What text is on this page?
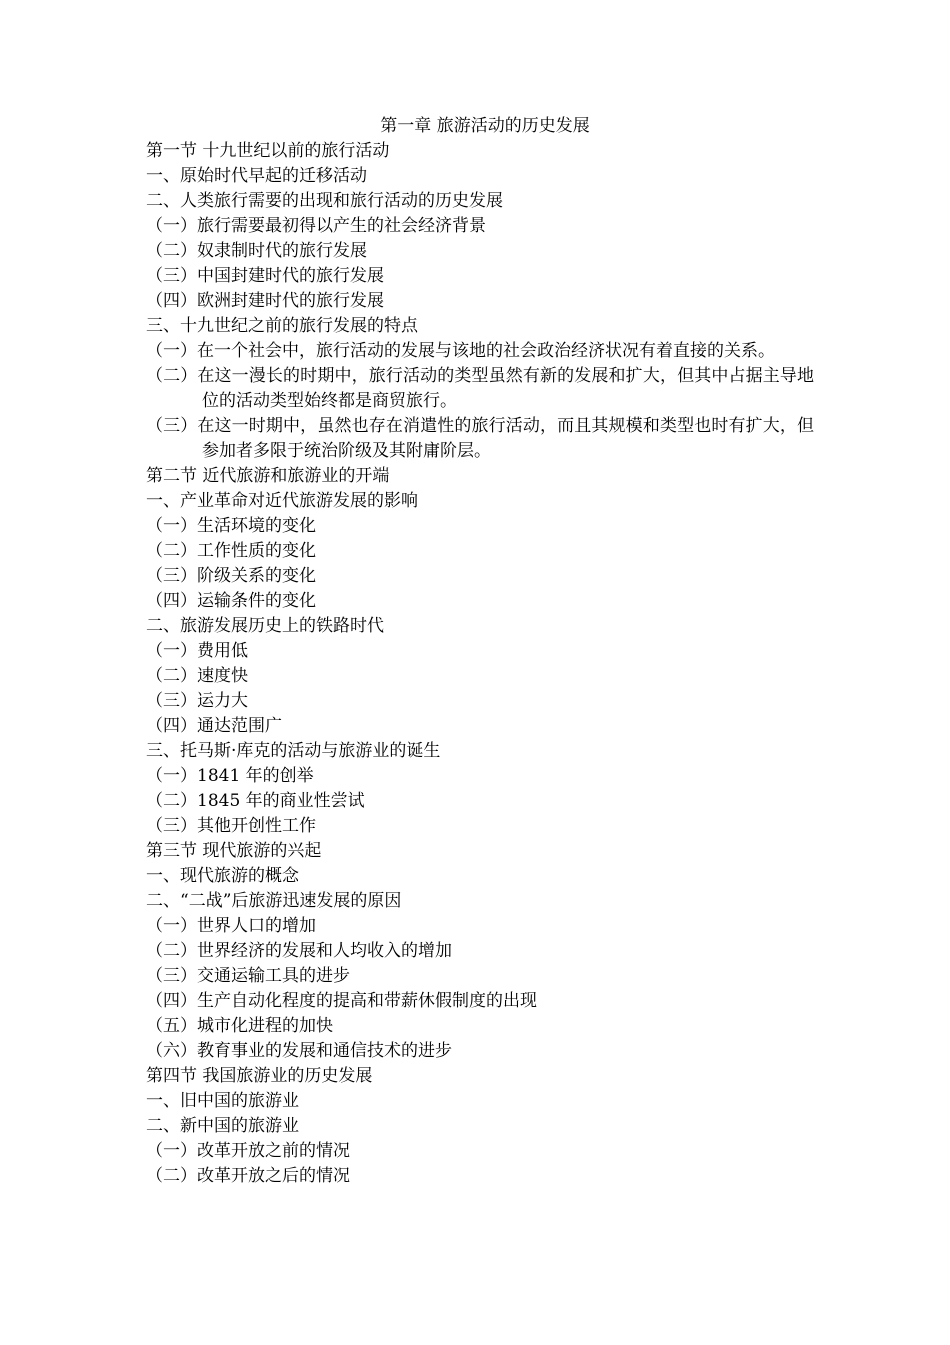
第一章 旅游活动的历史发展
第一节 十九世纪以前的旅行活动
一、原始时代早起的迁移活动
二、人类旅行需要的出现和旅行活动的历史发展
（一）旅行需要最初得以产生的社会经济背景
（二）奴隶制时代的旅行发展
（三）中国封建时代的旅行发展
（四）欧洲封建时代的旅行发展
三、十九世纪之前的旅行发展的特点
（一）在一个社会中，旅行活动的发展与该地的社会政治经济状况有着直接的关系。
（二）在这一漫长的时期中，旅行活动的类型虽然有新的发展和扩大，但其中占据主导地位的活动类型始终都是商贸旅行。
（三）在这一时期中，虽然也存在消遣性的旅行活动，而且其规模和类型也时有扩大，但参加者多限于统治阶级及其附庸阶层。
第二节 近代旅游和旅游业的开端
一、产业革命对近代旅游发展的影响
（一）生活环境的变化
（二）工作性质的变化
（三）阶级关系的变化
（四）运输条件的变化
二、旅游发展历史上的铁路时代
（一）费用低
（二）速度快
（三）运力大
（四）通达范围广
三、托马斯·库克的活动与旅游业的诞生
（一）1841 年的创举
（二）1845 年的商业性尝试
（三）其他开创性工作
第三节 现代旅游的兴起
一、现代旅游的概念
二、“二战”后旅游迅速发展的原因
（一）世界人口的增加
（二）世界经济的发展和人均收入的增加
（三）交通运输工具的进步
（四）生产自动化程度的提高和带薪休假制度的出现
（五）城市化进程的加快
（六）教育事业的发展和通信技术的进步
第四节 我国旅游业的历史发展
一、旧中国的旅游业
二、新中国的旅游业
（一）改革开放之前的情况
（二）改革开放之后的情况
